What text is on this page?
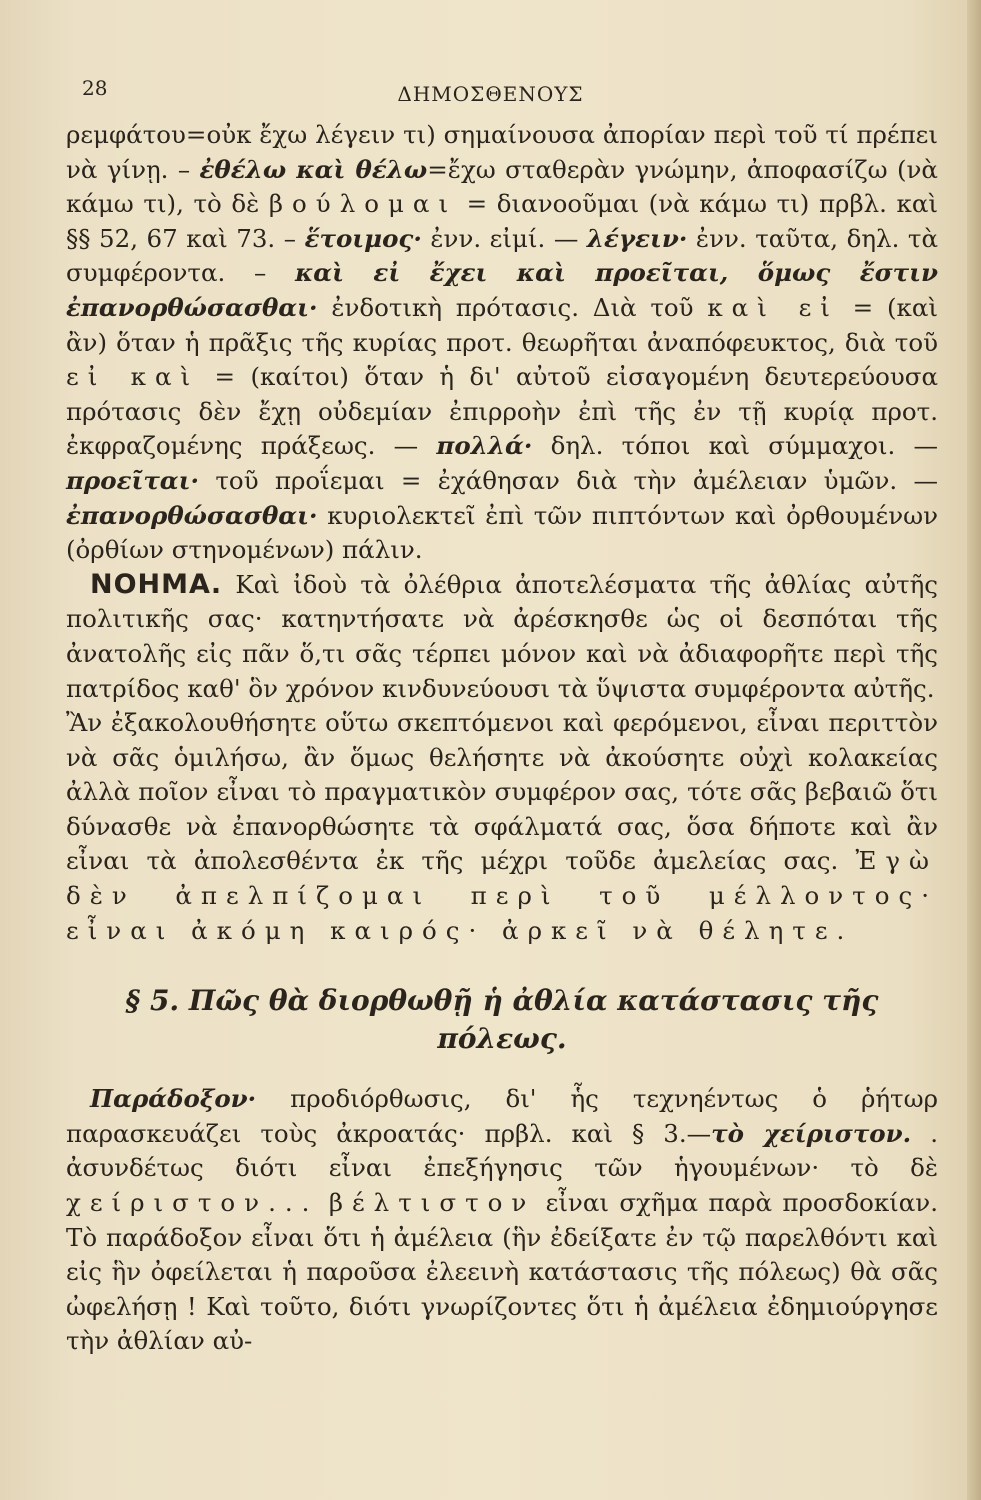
28	ΔΗΜΟΣΘΕΝΟΥΣ

ρεμφάτου=οὐκ ἔχω λέγειν τι) σημαίνουσα ἀπορίαν περὶ τοῦ τί πρέπει νὰ γίνῃ. – ἐθέλω καὶ θέλω=ἔχω σταθερὰν γνώμην, ἀποφασίζω (νὰ κάμω τι), τὸ δὲ βούλομαι = διανοοῦμαι (νὰ κάμω τι) πρβλ. καὶ §§ 52, 67 καὶ 73. – ἕτοιμος· ἐνν. εἰμί. — λέγειν· ἐνν. ταῦτα, δηλ. τὰ συμφέροντα. – καὶ εἰ ἔχει καὶ προεῖται, ὅμως ἔστιν ἐπανορθώσασθαι· ἐνδοτικὴ πρότασις. Διὰ τοῦ καὶ εἰ = (καὶ ἂν) ὅταν ἡ πρᾶξις τῆς κυρίας προτ. θεωρῆται ἀναπόφευκτος, διὰ τοῦ εἰ καὶ = (καίτοι) ὅταν ἡ δι' αὐτοῦ εἰσαγομένη δευτερεύουσα πρότασις δὲν ἔχῃ οὐδεμίαν ἐπιρροὴν ἐπὶ τῆς ἐν τῇ κυρίᾳ προτ. ἐκφραζομένης πράξεως. — πολλά· δηλ. τόποι καὶ σύμμαχοι. — προεῖται· τοῦ προΐεμαι = ἐχάθησαν διὰ τὴν ἀμέλειαν ὑμῶν. — ἐπανορθώσασθαι· κυριολεκτεῖ ἐπὶ τῶν πιπτόντων καὶ ὀρθουμένων (ὀρθίων στηνομένων) πάλιν.

ΝΟΗΜΑ. Καὶ ἰδοὺ τὰ ὀλέθρια ἀποτελέσματα τῆς ἀθλίας αὐτῆς πολιτικῆς σας· κατηντήσατε νὰ ἀρέσκησθε ὡς οἱ δεσπόται τῆς ἀνατολῆς εἰς πᾶν ὅ,τι σᾶς τέρπει μόνον καὶ νὰ ἀδιαφορῆτε περὶ τῆς πατρίδος καθ' ὃν χρόνον κινδυνεύουσι τὰ ὕψιστα συμφέροντα αὐτῆς.

Ἂν ἐξακολουθήσητε οὕτω σκεπτόμενοι καὶ φερόμενοι, εἶναι περιττὸν νὰ σᾶς ὁμιλήσω, ἂν ὅμως θελήσητε νὰ ἀκούσητε οὐχὶ κολακείας ἀλλὰ ποῖον εἶναι τὸ πραγματικὸν συμφέρον σας, τότε σᾶς βεβαιῶ ὅτι δύνασθε νὰ ἐπανορθώσητε τὰ σφάλματά σας, ὅσα δήποτε καὶ ἂν εἶναι τὰ ἀπολεσθέντα ἐκ τῆς μέχρι τοῦδε ἀμελείας σας. Ἐγὼ δὲν ἀπελπίζομαι περὶ τοῦ μέλλοντος· εἶναι ἀκόμη καιρός· ἀρκεῖ νὰ θέλητε.

§ 5. Πῶς θὰ διορθωθῇ ἡ ἀθλία κατάστασις τῆς πόλεως.

Παράδοξον· προδιόρθωσις, δι' ἧς τεχνηέντως ὁ ῥήτωρ παρασκευάζει τοὺς ἀκροατάς· πρβλ. καὶ § 3.—τὸ χείριστον. . ἀσυνδέτως διότι εἶναι ἐπεξήγησις τῶν ἡγουμένων· τὸ δὲ χείριστον... βέλτιστον εἶναι σχῆμα παρὰ προσδοκίαν. Τὸ παράδοξον εἶναι ὅτι ἡ ἀμέλεια (ἣν ἐδείξατε ἐν τῷ παρελθόντι καὶ εἰς ἣν ὀφείλεται ἡ παροῦσα ἐλεεινὴ κατάστασις τῆς πόλεως) θὰ σᾶς ὠφελήσῃ ! Καὶ τοῦτο, διότι γνωρίζοντες ὅτι ἡ ἀμέλεια ἐδημιούργησε τὴν ἀθλίαν αὐ-
